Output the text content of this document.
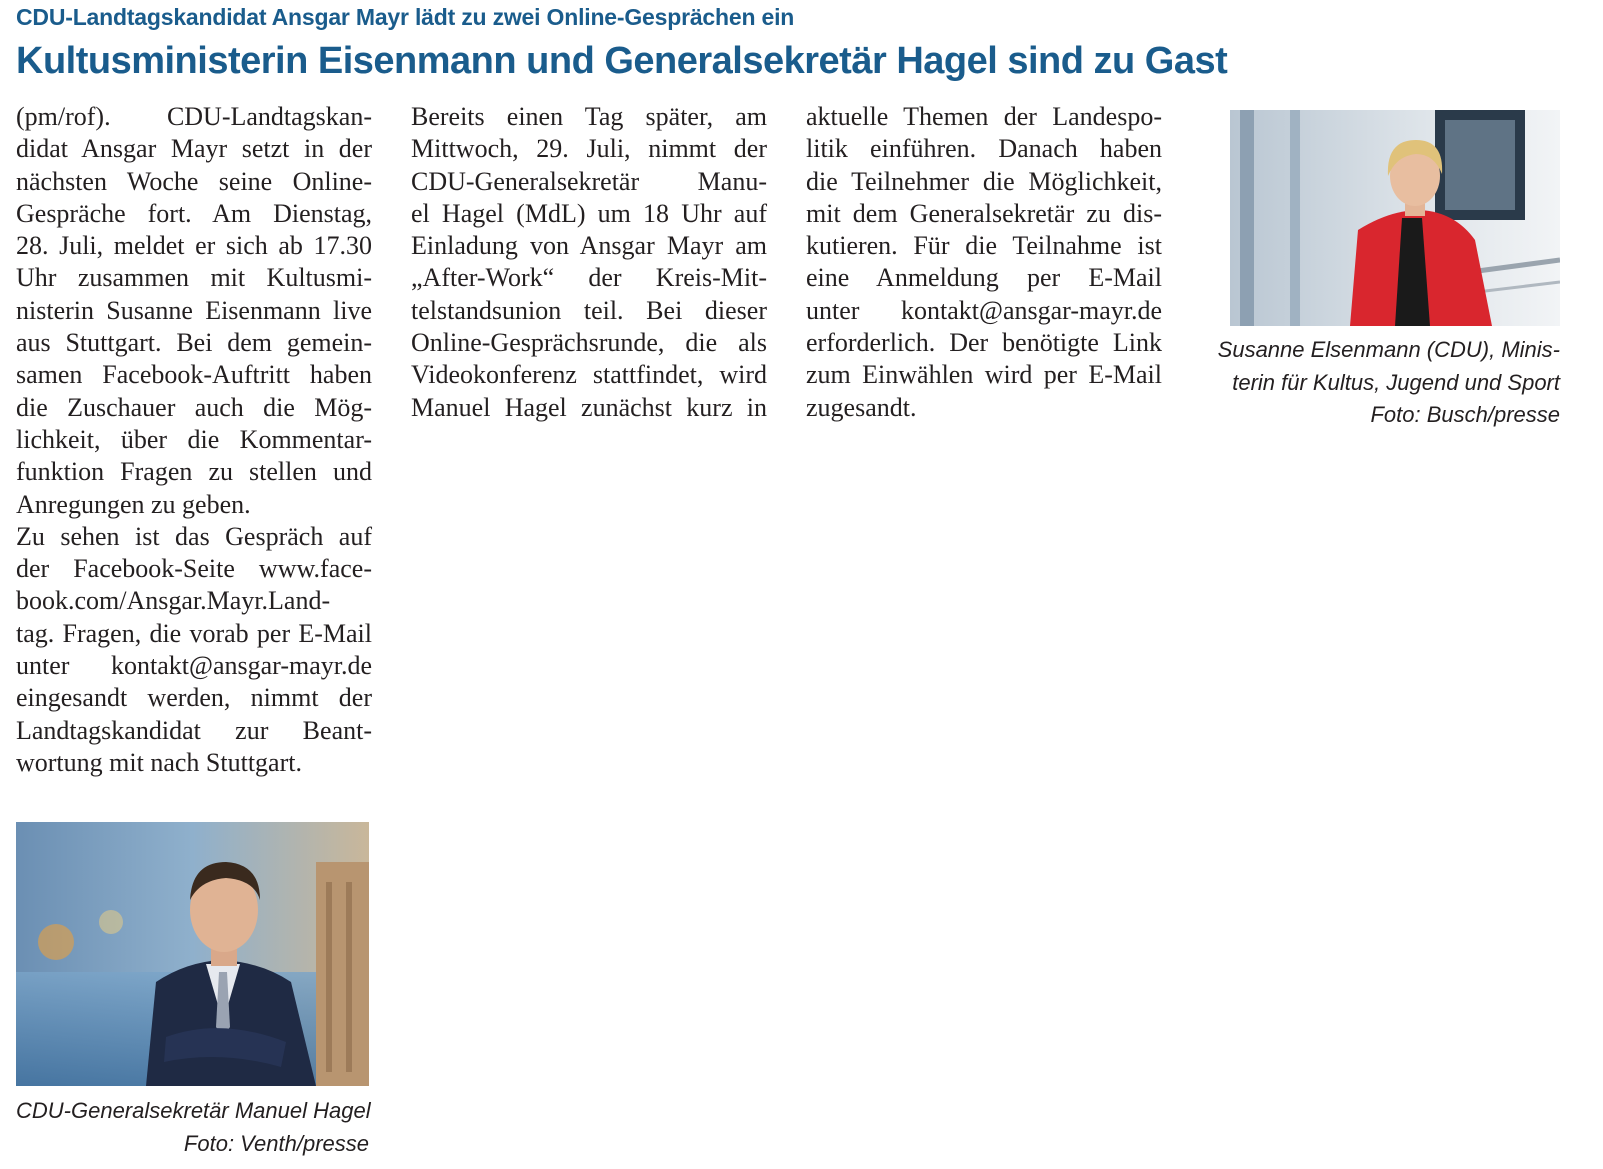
CDU-Landtagskandidat Ansgar Mayr lädt zu zwei Online-Gesprächen ein
Kultusministerin Eisenmann und Generalsekretär Hagel sind zu Gast
(pm/rof). CDU-Landtagskan-
didat Ansgar Mayr setzt in der
nächsten Woche seine Online-
Gespräche fort. Am Dienstag,
28. Juli, meldet er sich ab 17.30
Uhr zusammen mit Kultusmi-
nisterin Susanne Eisenmann live
aus Stuttgart. Bei dem gemein-
samen Facebook-Auftritt haben
die Zuschauer auch die Mög-
lichkeit, über die Kommentar-
funktion Fragen zu stellen und
Anregungen zu geben.
Zu sehen ist das Gespräch auf
der Facebook-Seite www.face-
book.com/Ansgar.Mayr.Land-
tag. Fragen, die vorab per E-Mail
unter kontakt@ansgar-mayr.de
eingesandt werden, nimmt der
Landtagskandidat zur Beant-
wortung mit nach Stuttgart.
Bereits einen Tag später, am
Mittwoch, 29. Juli, nimmt der
CDU-Generalsekretär Manu-
el Hagel (MdL) um 18 Uhr auf
Einladung von Ansgar Mayr am
„After-Work“ der Kreis-Mit-
telstandsunion teil. Bei dieser
Online-Gesprächsrunde, die als
Videokonferenz stattfindet, wird
Manuel Hagel zunächst kurz in
aktuelle Themen der Landespo-
litik einführen. Danach haben
die Teilnehmer die Möglichkeit,
mit dem Generalsekretär zu dis-
kutieren. Für die Teilnahme ist
eine Anmeldung per E-Mail
unter kontakt@ansgar-mayr.de
erforderlich. Der benötigte Link
zum Einwählen wird per E-Mail
zugesandt.
CDU-Generalsekretär Manuel Hagel
Foto: Venth/presse
Susanne Elsenmann (CDU), Minis-
terin für Kultus, Jugend und Sport
Foto: Busch/presse
